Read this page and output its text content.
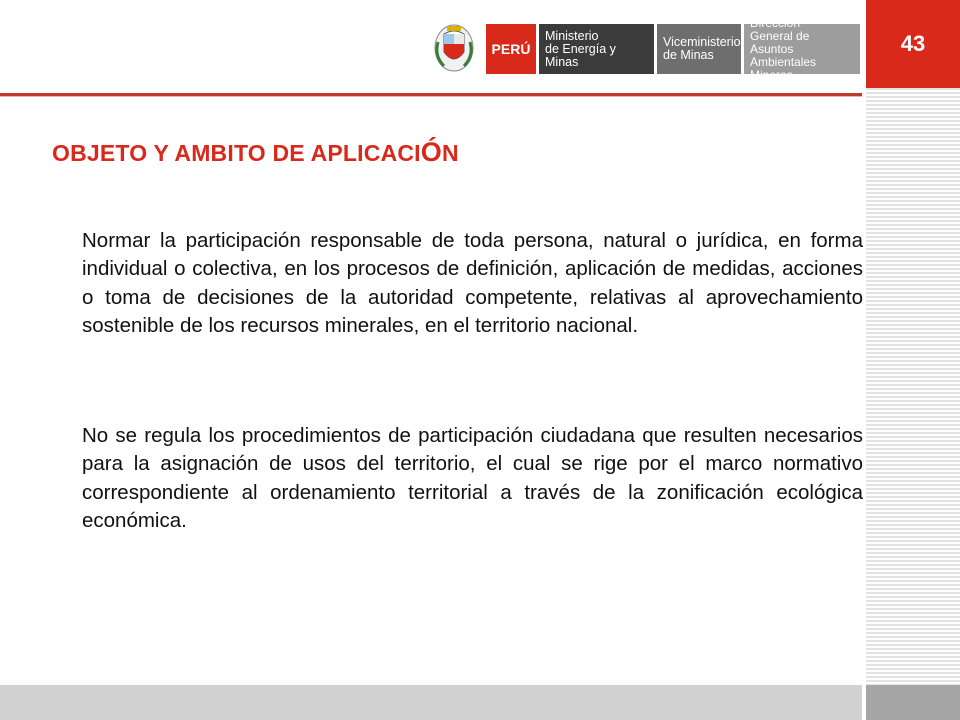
43
PERÚ
Ministerio
de Energía y Minas
Viceministerio
de Minas
Dirección
General de Asuntos
Ambientales Mineros
OBJETO Y AMBITO DE APLICACIÓN

Normar la participación responsable de toda persona, natural o jurídica, en forma individual o colectiva, en los procesos de definición, aplicación de medidas, acciones o toma de decisiones de la autoridad competente, relativas al aprovechamiento sostenible de los recursos minerales, en el territorio nacional.

No se regula los procedimientos de participación ciudadana que resulten necesarios para la asignación de usos del territorio, el cual se rige por el marco normativo correspondiente al ordenamiento territorial a través de la zonificación ecológica económica.
